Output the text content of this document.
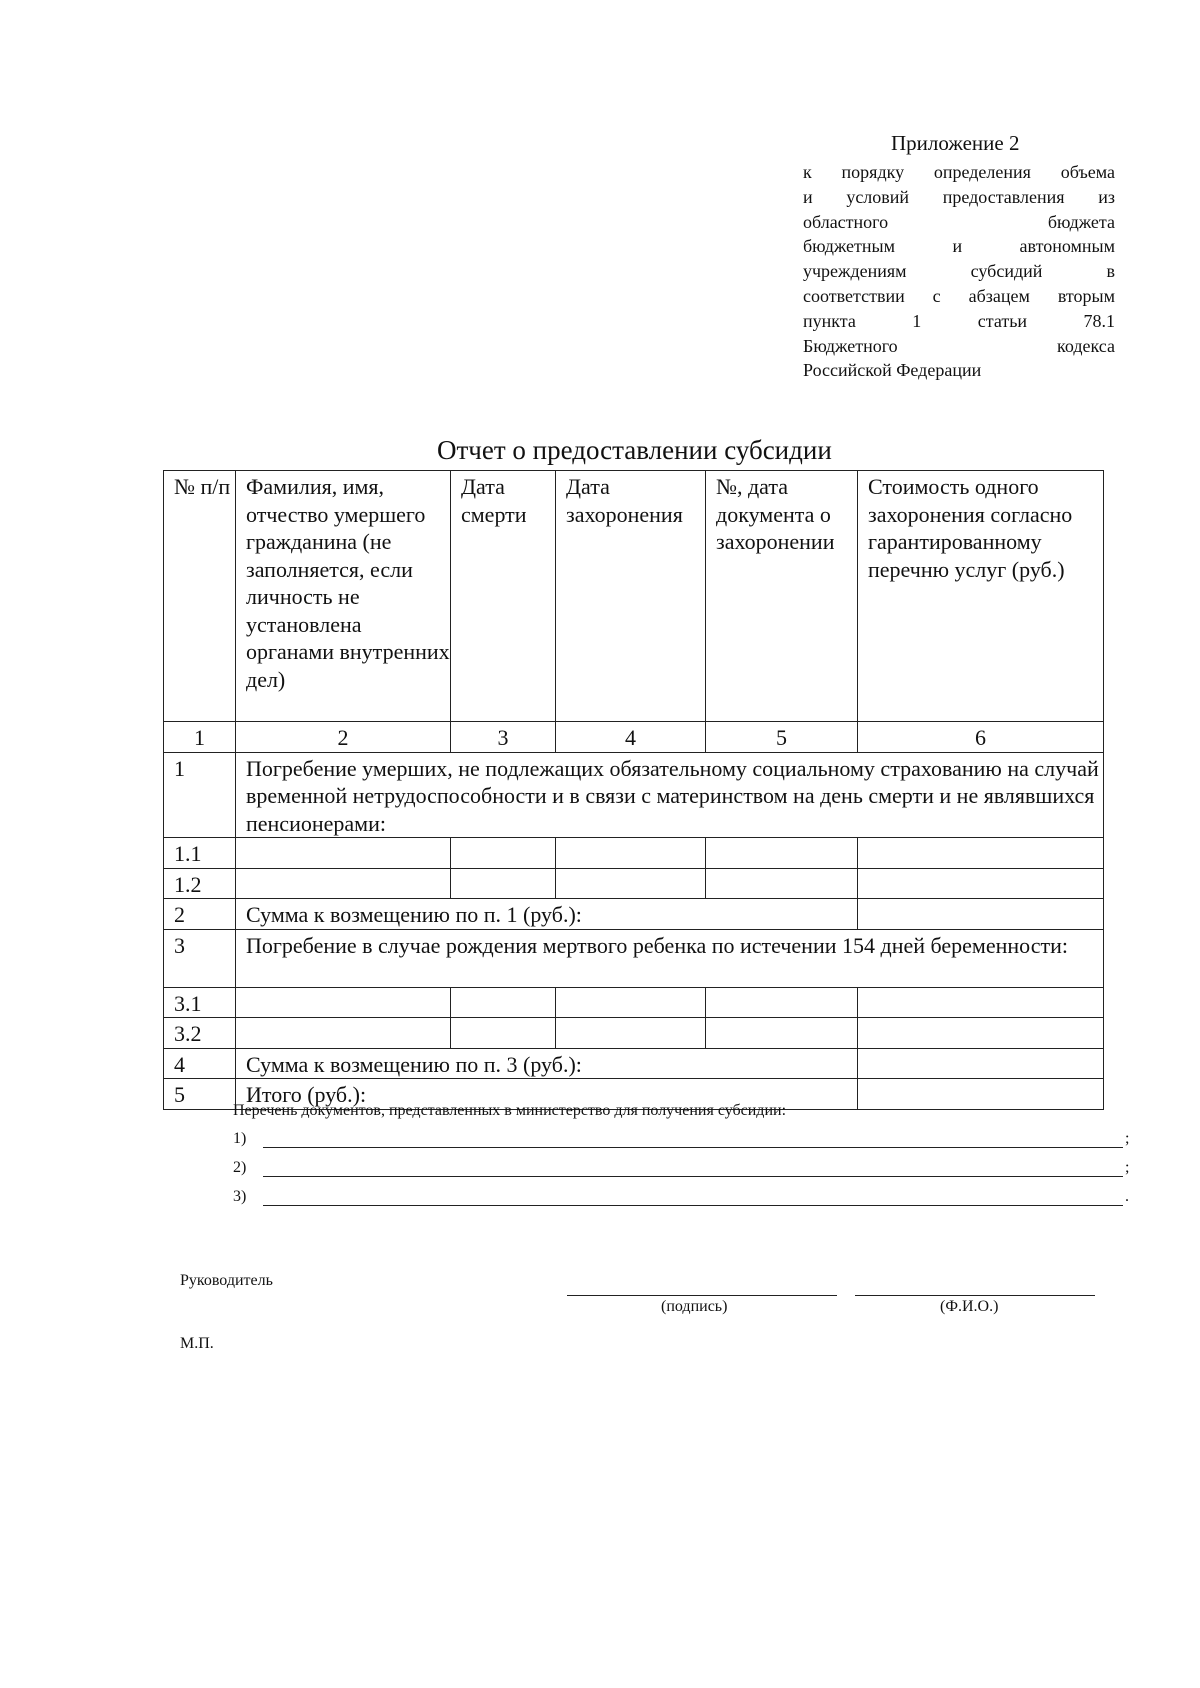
Приложение 2
к порядку определения объема
и условий предоставления из
областного бюджета
бюджетным и автономным
учреждениям субсидий в
соответствии с абзацем вторым
пункта 1 статьи 78.1
Бюджетного кодекса
Российской Федерации
Отчет о предоставлении субсидии
№ п/п	Фамилия, имя, отчество умершего гражданина (не заполняется, если личность не установлена органами внутренних дел)	Дата смерти	Дата захоронения	№, дата документа о захоронении	Стоимость одного захоронения согласно гарантированному перечню услуг (руб.)
1	2	3	4	5	6
1	Погребение умерших, не подлежащих обязательному социальному страхованию на случай временной нетрудоспособности и в связи с материнством на день смерти и не являвшихся пенсионерами:				
1.1					
1.2					
2	Сумма к возмещению по п. 1 (руб.):				
3	Погребение в случае рождения мертвого ребенка по истечении 154 дней беременности:				
3.1					
3.2					
4	Сумма к возмещению по п. 3 (руб.):				
5	Итого (руб.):				
Перечень документов, представленных в министерство для получения субсидии:
1)	;
2)	;
3)	.
Руководитель
(подпись)	(Ф.И.О.)
М.П.
